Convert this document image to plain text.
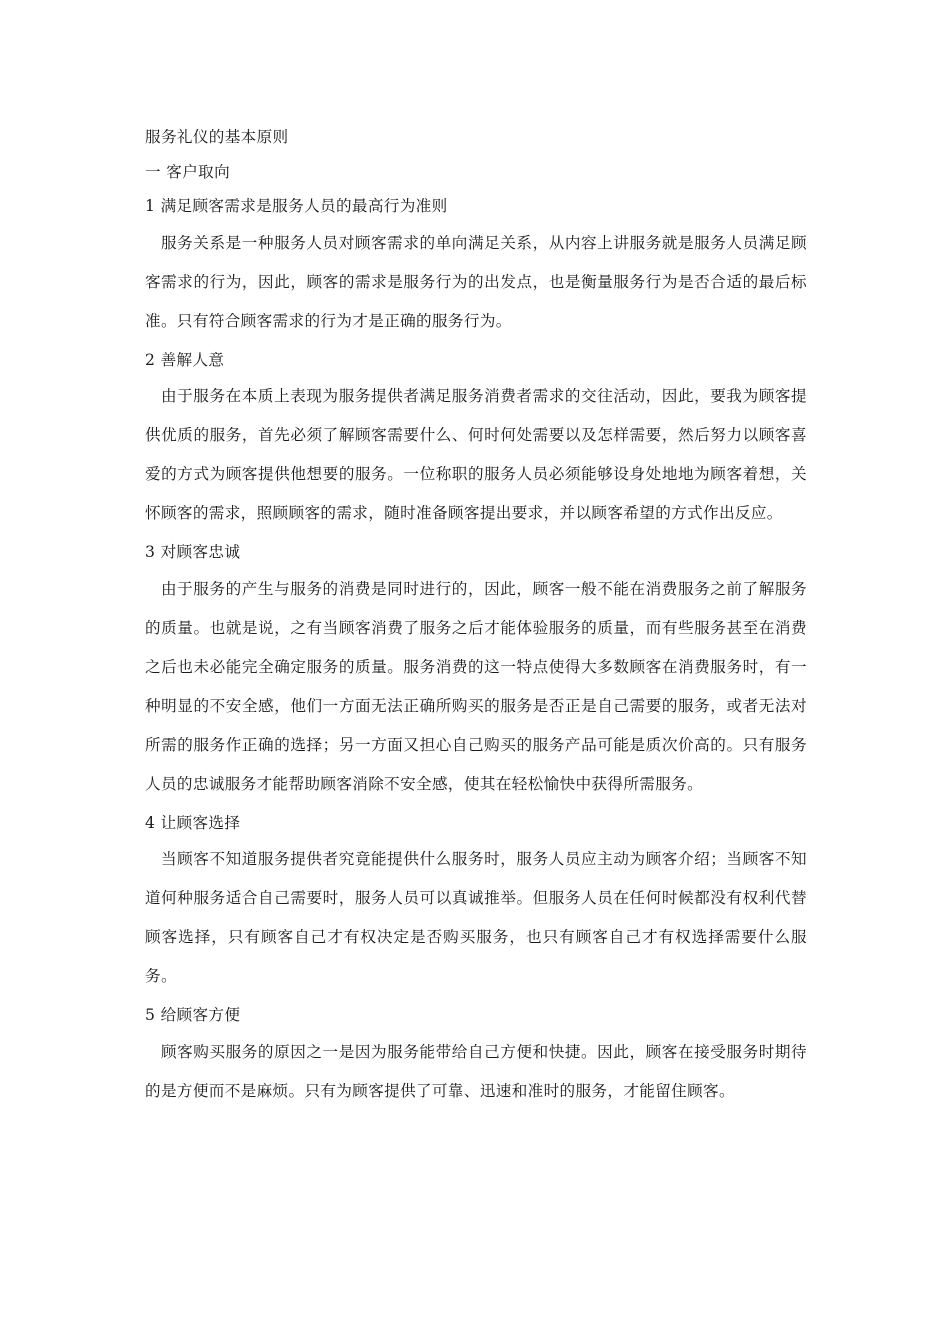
服务礼仪的基本原则

一 客户取向

1 满足顾客需求是服务人员的最高行为准则

服务关系是一种服务人员对顾客需求的单向满足关系，从内容上讲服务就是服务人员满足顾客需求的行为，因此，顾客的需求是服务行为的出发点，也是衡量服务行为是否合适的最后标准。只有符合顾客需求的行为才是正确的服务行为。

2 善解人意

由于服务在本质上表现为服务提供者满足服务消费者需求的交往活动，因此，要我为顾客提供优质的服务，首先必须了解顾客需要什么、何时何处需要以及怎样需要，然后努力以顾客喜爱的方式为顾客提供他想要的服务。一位称职的服务人员必须能够设身处地地为顾客着想，关怀顾客的需求，照顾顾客的需求，随时准备顾客提出要求，并以顾客希望的方式作出反应。

3 对顾客忠诚

由于服务的产生与服务的消费是同时进行的，因此，顾客一般不能在消费服务之前了解服务的质量。也就是说，之有当顾客消费了服务之后才能体验服务的质量，而有些服务甚至在消费之后也未必能完全确定服务的质量。服务消费的这一特点使得大多数顾客在消费服务时，有一种明显的不安全感，他们一方面无法正确所购买的服务是否正是自己需要的服务，或者无法对所需的服务作正确的选择；另一方面又担心自己购买的服务产品可能是质次价高的。只有服务人员的忠诚服务才能帮助顾客消除不安全感，使其在轻松愉快中获得所需服务。

4 让顾客选择

当顾客不知道服务提供者究竟能提供什么服务时，服务人员应主动为顾客介绍；当顾客不知道何种服务适合自己需要时，服务人员可以真诚推举。但服务人员在任何时候都没有权利代替顾客选择，只有顾客自己才有权决定是否购买服务，也只有顾客自己才有权选择需要什么服务。

5 给顾客方便

顾客购买服务的原因之一是因为服务能带给自己方便和快捷。因此，顾客在接受服务时期待的是方便而不是麻烦。只有为顾客提供了可靠、迅速和准时的服务，才能留住顾客。
